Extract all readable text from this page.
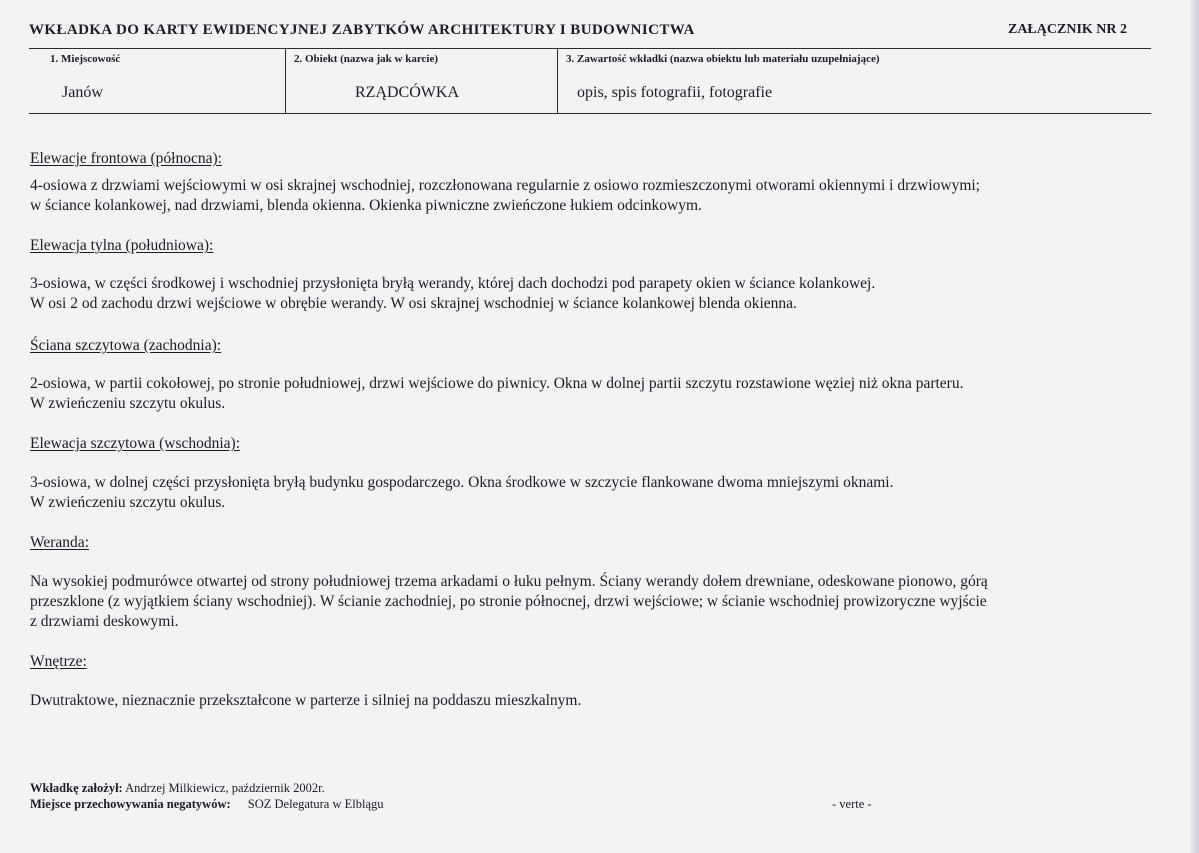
WKŁADKA DO KARTY EWIDENCYJNEJ ZABYTKÓW ARCHITEKTURY I BUDOWNICTWA	ZAŁĄCZNIK NR 2
1. Miejscowość	2. Obiekt (nazwa jak w karcie)	3. Zawartość wkładki (nazwa obiektu lub materiału uzupełniające)
Janów	RZĄDCÓWKA	opis, spis fotografii, fotografie
Elewacje frontowa (północna):

4-osiowa z drzwiami wejściowymi w osi skrajnej wschodniej, rozczłonowana regularnie z osiowo rozmieszczonymi otworami okiennymi i drzwiowymi;

w ściance kolankowej, nad drzwiami, blenda okienna. Okienka piwniczne zwieńczone łukiem odcinkowym.

Elewacja tylna (południowa):

3-osiowa, w części środkowej i wschodniej przysłonięta bryłą werandy, której dach dochodzi pod parapety okien w ściance kolankowej.

W osi 2 od zachodu drzwi wejściowe w obrębie werandy. W osi skrajnej wschodniej w ściance kolankowej blenda okienna.

Ściana szczytowa (zachodnia):

2-osiowa, w partii cokołowej, po stronie południowej, drzwi wejściowe do piwnicy. Okna w dolnej partii szczytu rozstawione węziej niż okna parteru.

W zwieńczeniu szczytu okulus.

Elewacja szczytowa (wschodnia):

3-osiowa, w dolnej części przysłonięta bryłą budynku gospodarczego. Okna środkowe w szczycie flankowane dwoma mniejszymi oknami.

W zwieńczeniu szczytu okulus.

Weranda:

Na wysokiej podmurówce otwartej od strony południowej trzema arkadami o łuku pełnym. Ściany werandy dołem drewniane, odeskowane pionowo, górą

przeszklone (z wyjątkiem ściany wschodniej). W ścianie zachodniej, po stronie północnej, drzwi wejściowe; w ścianie wschodniej prowizoryczne wyjście

z drzwiami deskowymi.

Wnętrze:

Dwutraktowe, nieznacznie przekształcone w parterze i silniej na poddaszu mieszkalnym.

Wkładkę założył: Andrzej Milkiewicz, październik 2002r.
Miejsce przechowywania negatywów: SOZ Delegatura w Elblągu	- verte -
